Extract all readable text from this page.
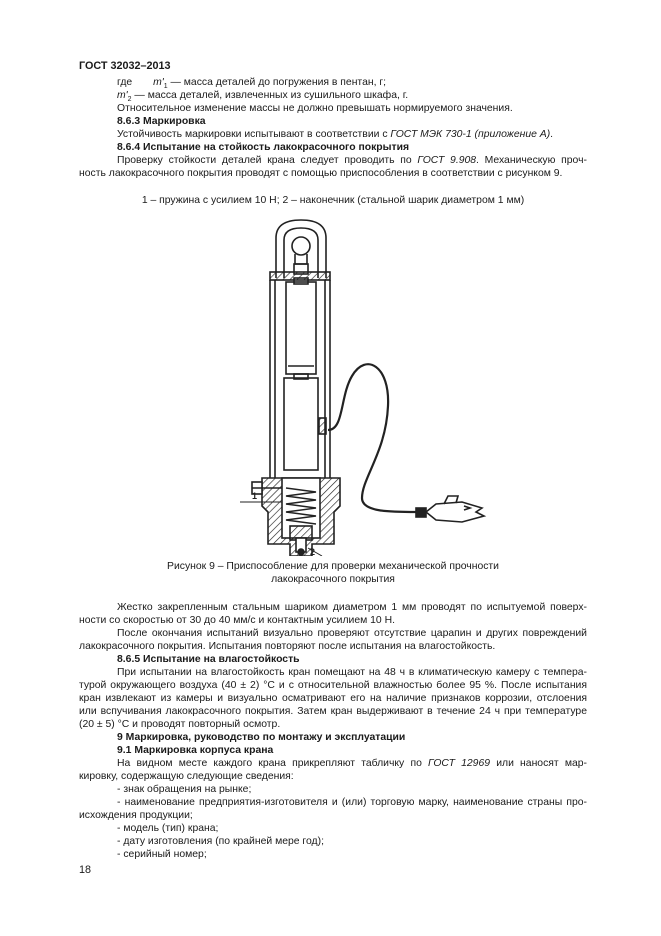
ГОСТ 32032–2013
где $m'_1$ — масса деталей до погружения в пентан, г;
$m'_2$ — масса деталей, извлеченных из сушильного шкафа, г.
Относительное изменение массы не должно превышать нормируемого значения.
8.6.3 Маркировка
Устойчивость маркировки испытывают в соответствии с ГОСТ МЭК 730-1 (приложение А).
8.6.4 Испытание на стойкость лакокрасочного покрытия
Проверку стойкости деталей крана следует проводить по ГОСТ 9.908. Механическую проч-
ность лакокрасочного покрытия проводят с помощью приспособления в соответствии с рисунком 9.
1 – пружина с усилием 10 Н; 2 – наконечник (стальной шарик диаметром 1 мм)
1
2
Рисунок 9 – Приспособление для проверки механической прочности
лакокрасочного покрытия
Жестко закрепленным стальным шариком диаметром 1 мм проводят по испытуемой поверх-
ности со скоростью от 30 до 40 мм/с и контактным усилием 10 Н.
После окончания испытаний визуально проверяют отсутствие царапин и других повреждений
лакокрасочного покрытия. Испытания повторяют после испытания на влагостойкость.
8.6.5 Испытание на влагостойкость
При испытании на влагостойкость кран помещают на 48 ч в климатическую камеру с темпера-
турой окружающего воздуха (40 ± 2) °С и с относительной влажностью более 95 %. После испытания
кран извлекают из камеры и визуально осматривают его на наличие признаков коррозии, отслоения
или вспучивания лакокрасочного покрытия. Затем кран выдерживают в течение 24 ч при температуре
(20 ± 5) °С и проводят повторный осмотр.
9 Маркировка, руководство по монтажу и эксплуатации
9.1 Маркировка корпуса крана
На видном месте каждого крана прикрепляют табличку по ГОСТ 12969 или наносят мар-
кировку, содержащую следующие сведения:
- знак обращения на рынке;
- наименование предприятия-изготовителя и (или) торговую марку, наименование страны про-
исхождения продукции;
- модель (тип) крана;
- дату изготовления (по крайней мере год);
- серийный номер;
18
